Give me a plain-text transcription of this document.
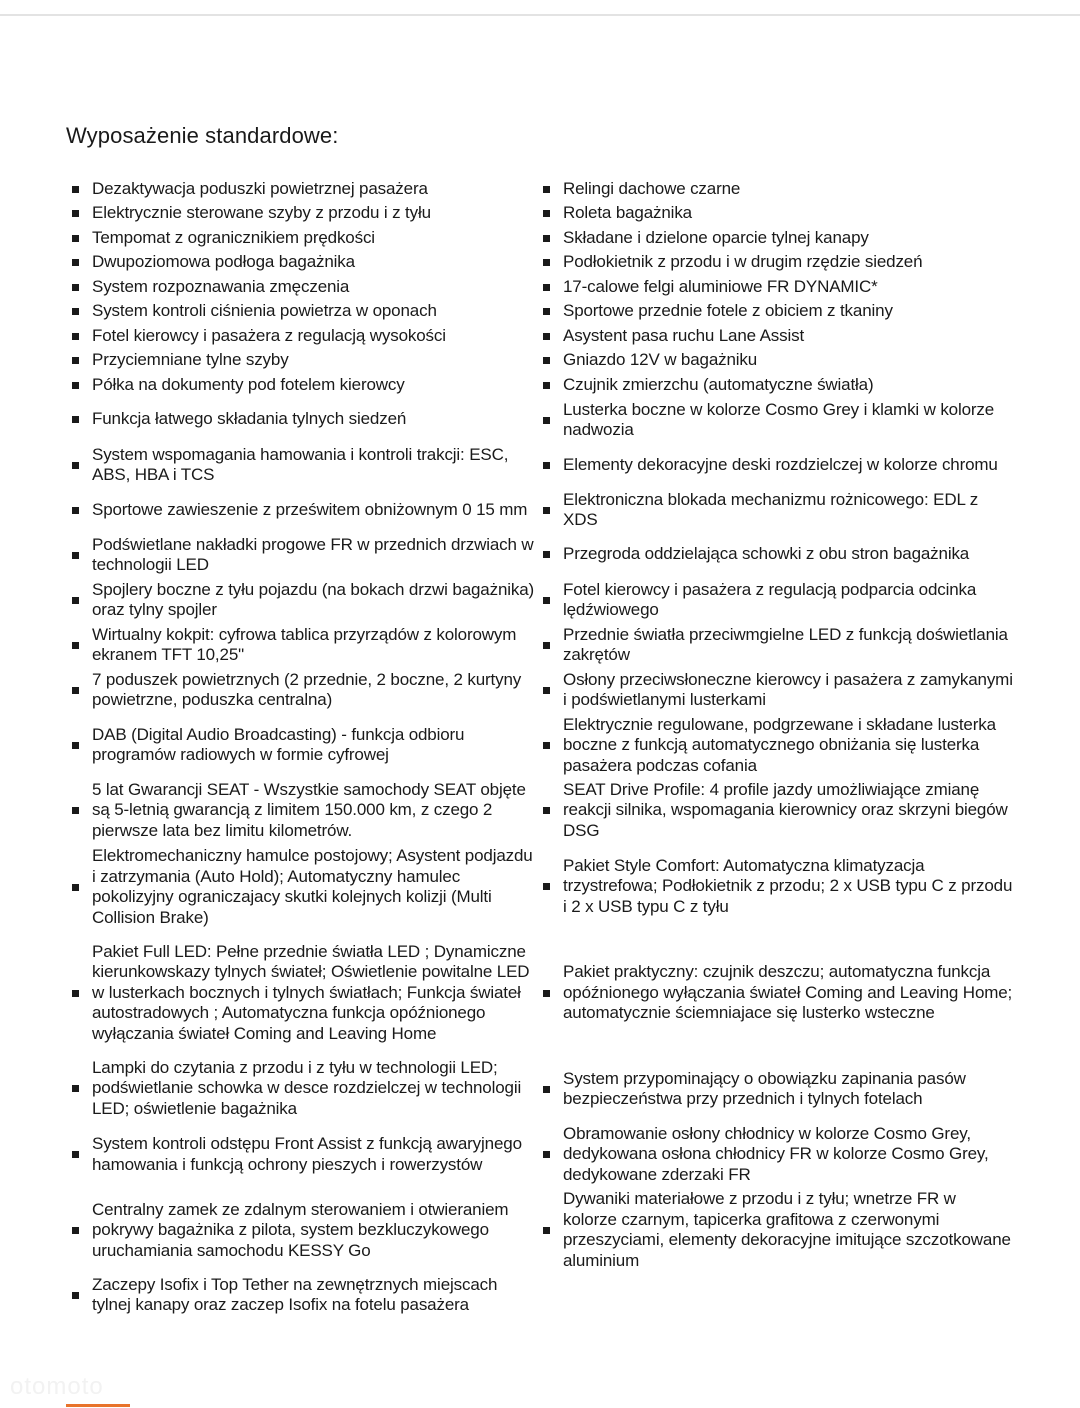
Wyposażenie standardowe:
Dezaktywacja poduszki powietrznej pasażera
Elektrycznie sterowane szyby z przodu i z tyłu
Tempomat z ogranicznikiem prędkości
Dwupoziomowa podłoga bagażnika
System rozpoznawania zmęczenia
System kontroli ciśnienia powietrza w oponach
Fotel kierowcy i pasażera z regulacją wysokości
Przyciemniane tylne szyby
Półka na dokumenty pod fotelem kierowcy
Funkcja łatwego składania tylnych siedzeń
System wspomagania hamowania i kontroli trakcji: ESC, ABS, HBA i TCS
Sportowe zawieszenie z prześwitem obniżownym 0 15 mm
Podświetlane nakładki progowe FR w przednich drzwiach w technologii LED
Spojlery boczne z tyłu pojazdu (na bokach drzwi bagażnika) oraz tylny spojler
Wirtualny kokpit: cyfrowa tablica przyrządów z kolorowym ekranem TFT 10,25"
7 poduszek powietrznych (2 przednie, 2 boczne, 2 kurtyny powietrzne, poduszka centralna)
DAB (Digital Audio Broadcasting) - funkcja odbioru programów radiowych w formie cyfrowej
5 lat Gwarancji SEAT - Wszystkie samochody SEAT objęte są 5-letnią gwarancją z limitem 150.000 km, z czego 2 pierwsze lata bez limitu kilometrów.
Elektromechaniczny hamulce postojowy; Asystent podjazdu i zatrzymania (Auto Hold); Automatyczny hamulec pokolizyjny ograniczajacy skutki kolejnych kolizji (Multi Collision Brake)
Pakiet Full LED: Pełne przednie światła LED ; Dynamiczne kierunkowskazy tylnych świateł; Oświetlenie powitalne LED w lusterkach bocznych i tylnych światłach; Funkcja świateł autostradowych ; Automatyczna funkcja opóźnionego wyłączania świateł Coming and Leaving Home
Lampki do czytania z przodu i z tyłu w technologii LED; podświetlanie schowka w desce rozdzielczej w technologii LED; oświetlenie bagażnika
System kontroli odstępu Front Assist z funkcją awaryjnego hamowania i funkcją ochrony pieszych i rowerzystów
Centralny zamek ze zdalnym sterowaniem i otwieraniem pokrywy bagażnika z pilota, system bezkluczykowego uruchamiania samochodu KESSY Go
Zaczepy Isofix i Top Tether na zewnętrznych miejscach tylnej kanapy oraz zaczep Isofix na fotelu pasażera
Relingi dachowe czarne
Roleta bagażnika
Składane i dzielone oparcie tylnej kanapy
Podłokietnik z przodu i w drugim rzędzie siedzeń
17-calowe felgi aluminiowe FR DYNAMIC*
Sportowe przednie fotele z obiciem z tkaniny
Asystent pasa ruchu Lane Assist
Gniazdo 12V w bagażniku
Czujnik zmierzchu (automatyczne światła)
Lusterka boczne w kolorze Cosmo Grey i klamki w kolorze nadwozia
Elementy dekoracyjne deski rozdzielczej w kolorze chromu
Elektroniczna blokada mechanizmu rożnicowego: EDL z XDS
Przegroda oddzielająca schowki z obu stron bagażnika
Fotel kierowcy i pasażera z regulacją podparcia odcinka lędźwiowego
Przednie światła przeciwmgielne LED z funkcją doświetlania zakrętów
Osłony przeciwsłoneczne kierowcy i pasażera z zamykanymi i podświetlanymi lusterkami
Elektrycznie regulowane, podgrzewane i składane lusterka boczne z funkcją automatycznego obniżania się lusterka pasażera podczas cofania
SEAT Drive Profile: 4 profile jazdy umożliwiające zmianę reakcji silnika, wspomagania kierownicy oraz skrzyni biegów DSG
Pakiet Style Comfort: Automatyczna klimatyzacja trzystrefowa; Podłokietnik z przodu; 2 x USB typu C z przodu i 2 x USB typu C z tyłu
Pakiet praktyczny: czujnik deszczu; automatyczna funkcja opóźnionego wyłączania świateł Coming and Leaving Home; automatycznie ściemniajace się lusterko wsteczne
System przypominający o obowiązku zapinania pasów bezpieczeństwa przy przednich i tylnych fotelach
Obramowanie osłony chłodnicy w kolorze Cosmo Grey, dedykowana osłona chłodnicy FR w kolorze Cosmo Grey, dedykowane zderzaki FR
Dywaniki materiałowe z przodu i z tyłu; wnetrze FR w kolorze czarnym, tapicerka grafitowa z czerwonymi przeszyciami, elementy dekoracyjne imitujące szczotkowane aluminium
otomoto
